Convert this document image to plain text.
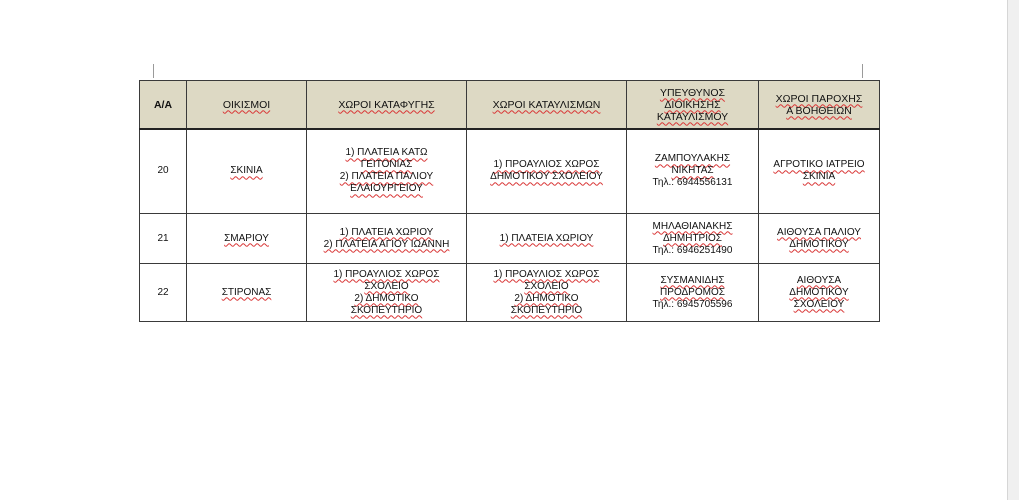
Α/Α	ΟΙΚΙΣΜΟΙ	ΧΩΡΟΙ ΚΑΤΑΦΥΓΗΣ	ΧΩΡΟΙ ΚΑΤΑΥΛΙΣΜΩΝ	ΥΠΕΥΘΥΝΟΣ
ΔΙΟΙΚΗΣΗΣ
ΚΑΤΑΥΛΙΣΜΟΥ	ΧΩΡΟΙ ΠΑΡΟΧΗΣ
Α ΒΟΗΘΕΙΩΝ

20	ΣΚΙΝΙΑ	1) ΠΛΑΤΕΙΑ ΚΑΤΩ
ΓΕΙΤΟΝΙΑΣ
2) ΠΛΑΤΕΙΑ ΠΑΛΙΟΥ
ΕΛΑΙΟΥΡΓΕΙΟΥ	1) ΠΡΟΑΥΛΙΟΣ ΧΩΡΟΣ
ΔΗΜΟΤΙΚΟΥ ΣΧΟΛΕΙΟΥ	ΖΑΜΠΟΥΛΑΚΗΣ
ΝΙΚΗΤΑΣ
Τηλ.: 6944556131	ΑΓΡΟΤΙΚΟ ΙΑΤΡΕΙΟ
ΣΚΙΝΙΑ

21	ΣΜΑΡΙΟΥ	1) ΠΛΑΤΕΙΑ ΧΩΡΙΟΥ
2) ΠΛΑΤΕΙΑ ΑΓΙΟΥ ΙΩΑΝΝΗ	1) ΠΛΑΤΕΙΑ ΧΩΡΙΟΥ	ΜΗΛΑΘΙΑΝΑΚΗΣ
ΔΗΜΗΤΡΙΟΣ
Τηλ.: 6946251490	ΑΙΘΟΥΣΑ ΠΑΛΙΟΥ
ΔΗΜΟΤΙΚΟΥ

22	ΣΤΙΡΟΝΑΣ	1) ΠΡΟΑΥΛΙΟΣ ΧΩΡΟΣ
ΣΧΟΛΕΙΟ
2) ΔΗΜΟΤΙΚΟ
ΣΚΟΠΕΥΤΗΡΙΟ	1) ΠΡΟΑΥΛΙΟΣ ΧΩΡΟΣ
ΣΧΟΛΕΙΟ
2) ΔΗΜΟΤΙΚΟ
ΣΚΟΠΕΥΤΗΡΙΟ	ΣΥΣΜΑΝΙΔΗΣ
ΠΡΟΔΡΟΜΟΣ
Τηλ.: 6945705596	ΑΙΘΟΥΣΑ
ΔΗΜΟΤΙΚΟΥ
ΣΧΟΛΕΙΟΥ
